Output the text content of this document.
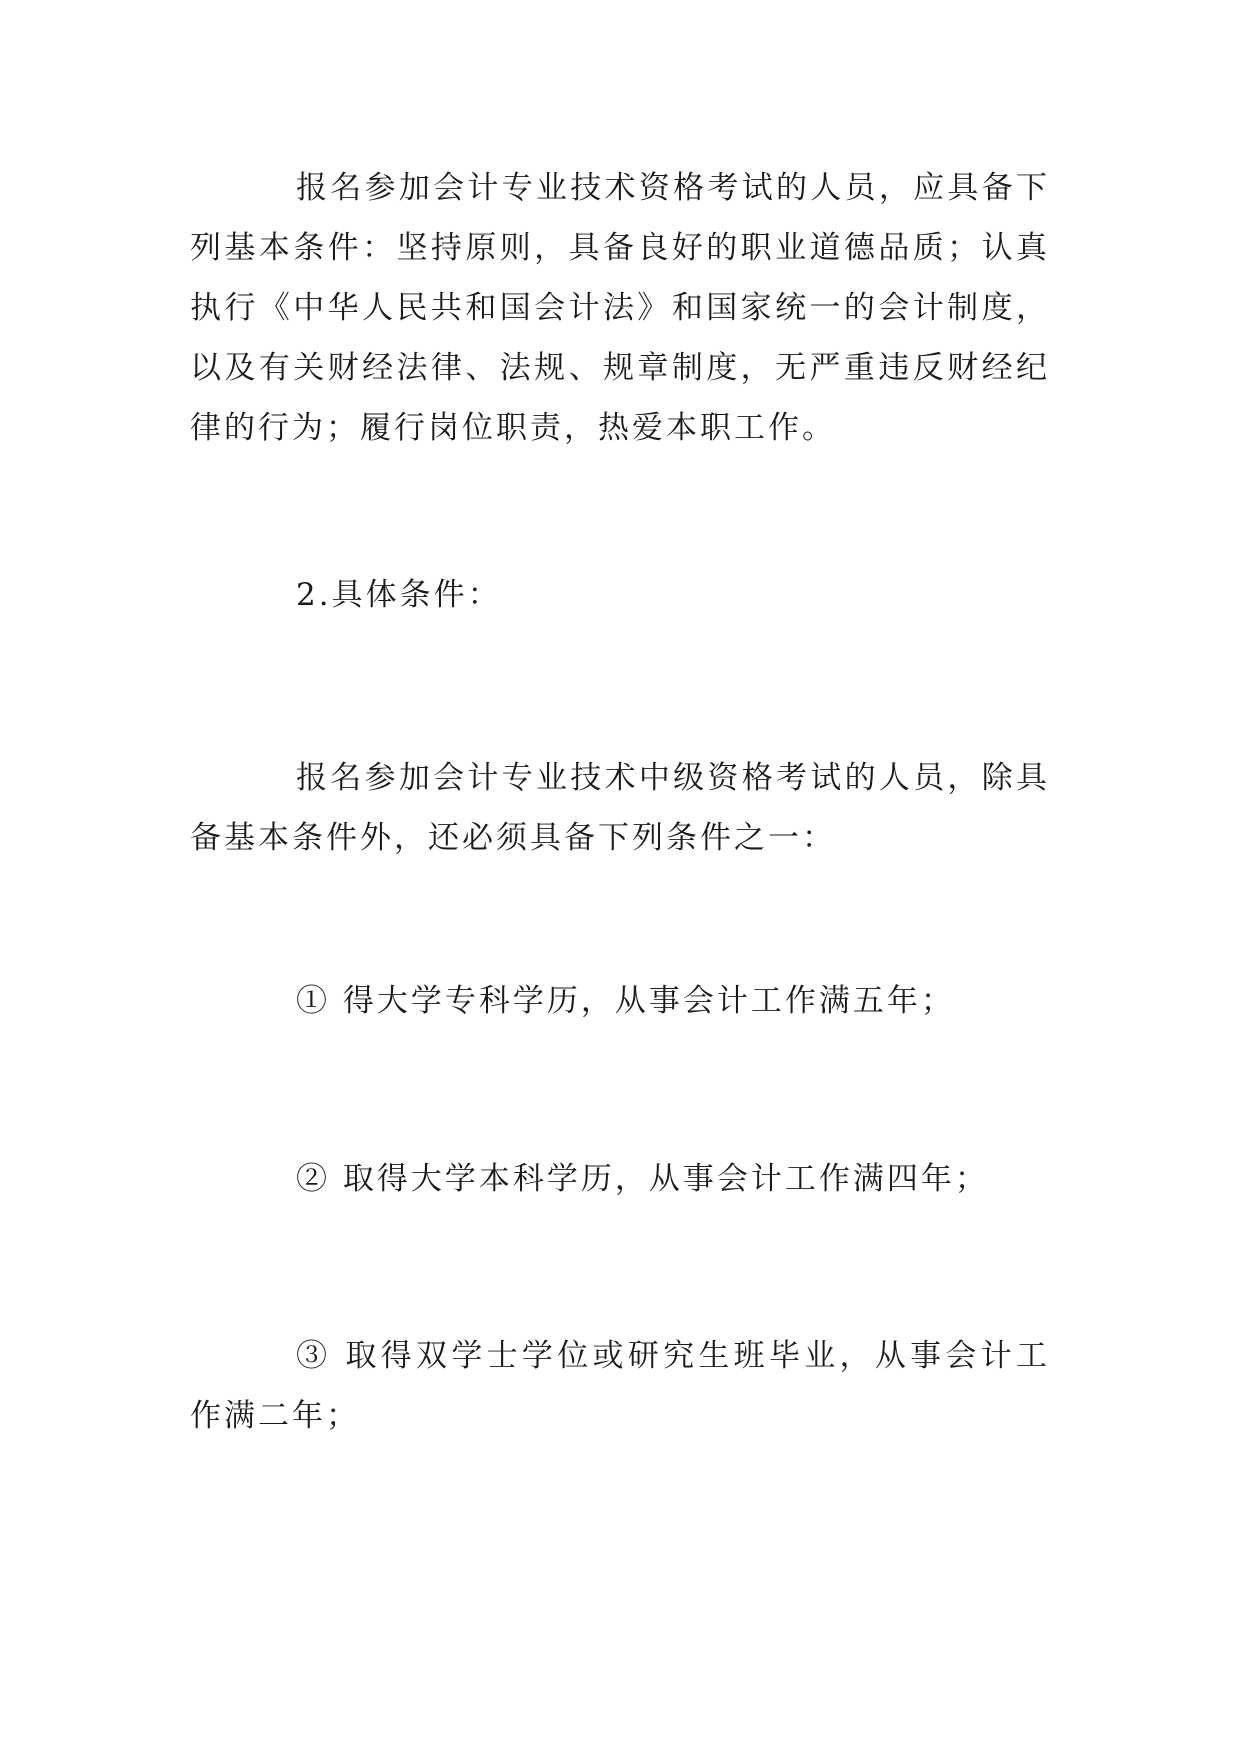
报名参加会计专业技术资格考试的人员，应具备下列基本条件：坚持原则，具备良好的职业道德品质；认真执行《中华人民共和国会计法》和国家统一的会计制度，以及有关财经法律、法规、规章制度，无严重违反财经纪律的行为；履行岗位职责，热爱本职工作。

2.具体条件：

报名参加会计专业技术中级资格考试的人员，除具备基本条件外，还必须具备下列条件之一：

① 得大学专科学历，从事会计工作满五年；

② 取得大学本科学历，从事会计工作满四年；

③ 取得双学士学位或研究生班毕业，从事会计工作满二年；
